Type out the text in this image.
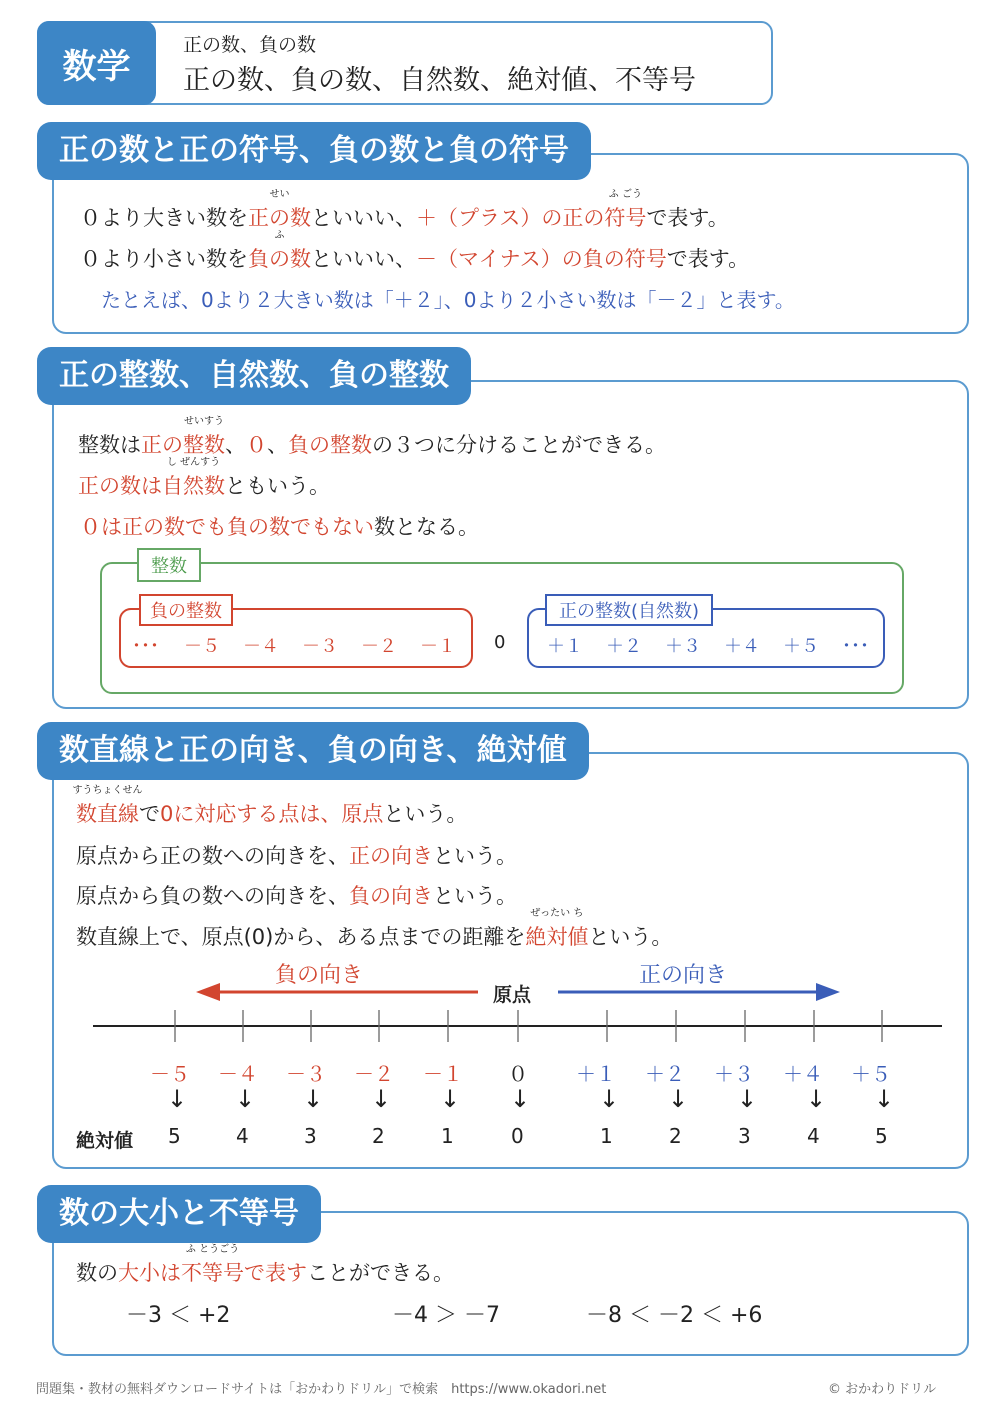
数学
正の数、負の数
正の数、負の数、自然数、絶対値、不等号
正の数と正の符号、負の数と負の符号
０より大きい数を
せい
正の数といいい、＋（プラス）の正の
ふ ごう
符号で表す。
０より小さい数を
ふ
負の数といいい、－（マイナス）の負の符号で表す。
たとえば、0より２大きい数は「＋２」、0より２小さい数は「－２」と表す。
正の整数、自然数、負の整数
整数は正の
せいすう
整数、０、負の整数の３つに分けることができる。
正の数は
し ぜんすう
自然数ともいう。
０は正の数でも負の数でもない数となる。
整数
負の整数	正の整数(自然数)
･･･ －５ －４ －３ －２ －１ 0 ＋１ ＋２ ＋３ ＋４ ＋５ ･･･
数直線と正の向き、負の向き、絶対値
すうちょくせん
数直線で0に対応する点は、原点という。
原点から正の数への向きを、正の向きという。
原点から負の数への向きを、負の向きという。
数直線上で、原点(0)から、ある点までの距離を
ぜったい ち
絶対値という。
負の向き	正の向き
原点
－５ －４ －３ －２ －１ ０ ＋１ ＋２ ＋３ ＋４ ＋５
↓ ↓ ↓ ↓ ↓ ↓	↓ ↓ ↓ ↓ ↓
絶対値 5	4	3	2	1	0	1	2	3	4	5
数の大小と不等号
数の大小は
ふ とうごう
不等号で表すことができる。
－3 ＜ +2	－4 ＞ －7	－8 ＜ －2 ＜ +6
問題集・教材の無料ダウンロードサイトは「おかわりドリル」で検索　https://www.okadori.net	© おかわりドリル
